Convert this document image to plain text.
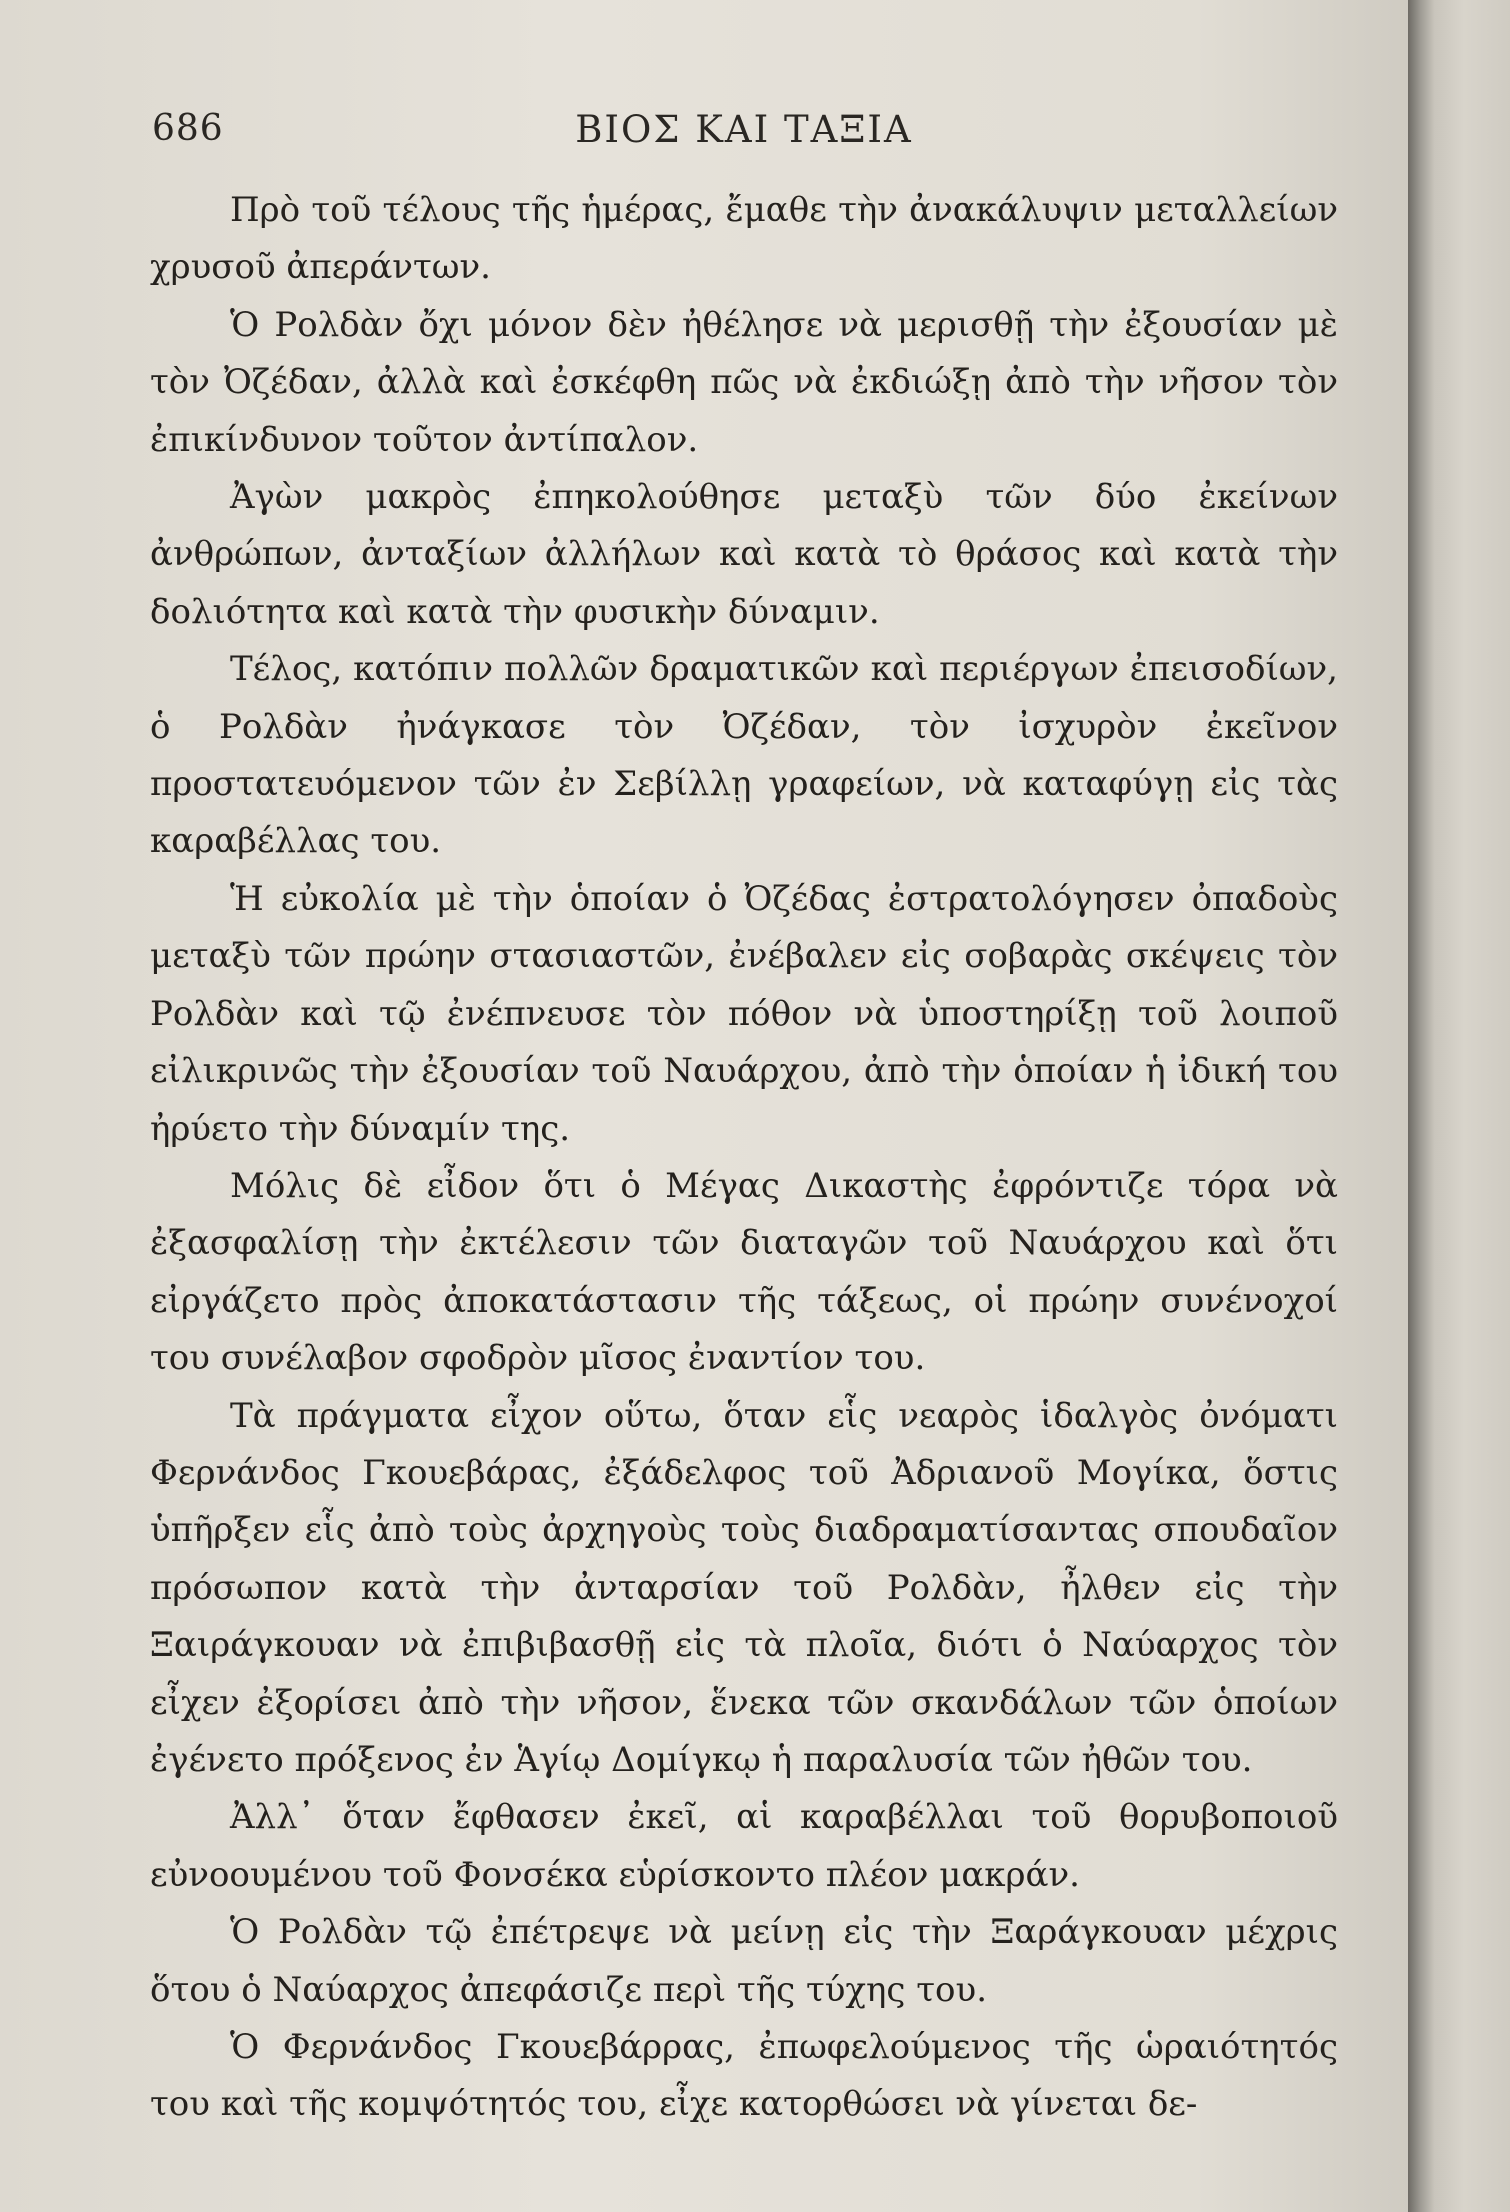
686	ΒΙΟΣ ΚΑΙ ΤΑΞΙΑ

Πρὸ τοῦ τέλους τῆς ἡμέρας, ἔμαθε τὴν ἀνακάλυψιν μεταλλείων χρυσοῦ ἀπεράντων.

Ὁ Ρολδὰν ὄχι μόνον δὲν ἠθέλησε νὰ μερισθῇ τὴν ἐξουσίαν μὲ τὸν Ὀζέδαν, ἀλλὰ καὶ ἐσκέφθη πῶς νὰ ἐκδιώξῃ ἀπὸ τὴν νῆσον τὸν ἐπικίνδυνον τοῦτον ἀντίπαλον.

Ἀγὼν μακρὸς ἐπηκολούθησε μεταξὺ τῶν δύο ἐκείνων ἀνθρώπων, ἀνταξίων ἀλλήλων καὶ κατὰ τὸ θράσος καὶ κατὰ τὴν δολιότητα καὶ κατὰ τὴν φυσικὴν δύναμιν.

Τέλος, κατόπιν πολλῶν δραματικῶν καὶ περιέργων ἐπεισοδίων, ὁ Ρολδὰν ἠνάγκασε τὸν Ὀζέδαν, τὸν ἰσχυρὸν ἐκεῖνον προστατευόμενον τῶν ἐν Σεβίλλῃ γραφείων, νὰ καταφύγῃ εἰς τὰς καραβέλλας του.

Ἡ εὐκολία μὲ τὴν ὁποίαν ὁ Ὀζέδας ἐστρατολόγησεν ὀπαδοὺς μεταξὺ τῶν πρώην στασιαστῶν, ἐνέβαλεν εἰς σοβαρὰς σκέψεις τὸν Ρολδὰν καὶ τῷ ἐνέπνευσε τὸν πόθον νὰ ὑποστηρίξῃ τοῦ λοιποῦ εἰλικρινῶς τὴν ἐξουσίαν τοῦ Ναυάρχου, ἀπὸ τὴν ὁποίαν ἡ ἰδική του ἠρύετο τὴν δύναμίν της.

Μόλις δὲ εἶδον ὅτι ὁ Μέγας Δικαστὴς ἐφρόντιζε τόρα νὰ ἐξασφαλίσῃ τὴν ἐκτέλεσιν τῶν διαταγῶν τοῦ Ναυάρχου καὶ ὅτι εἰργάζετο πρὸς ἀποκατάστασιν τῆς τάξεως, οἱ πρώην συνένοχοί του συνέλαβον σφοδρὸν μῖσος ἐναντίον του.

Τὰ πράγματα εἶχον οὕτω, ὅταν εἷς νεαρὸς ἱδαλγὸς ὀνόματι Φερνάνδος Γκουεβάρας, ἐξάδελφος τοῦ Ἀδριανοῦ Μογίκα, ὅστις ὑπῆρξεν εἷς ἀπὸ τοὺς ἀρχηγοὺς τοὺς διαδραματίσαντας σπουδαῖον πρόσωπον κατὰ τὴν ἀνταρσίαν τοῦ Ρολδὰν, ἦλθεν εἰς τὴν Ξαιράγκουαν νὰ ἐπιβιβασθῇ εἰς τὰ πλοῖα, διότι ὁ Ναύαρχος τὸν εἶχεν ἐξορίσει ἀπὸ τὴν νῆσον, ἕνεκα τῶν σκανδάλων τῶν ὁποίων ἐγένετο πρόξενος ἐν Ἁγίῳ Δομίγκῳ ἡ παραλυσία τῶν ἠθῶν του.

Ἀλλ᾿ ὅταν ἔφθασεν ἐκεῖ, αἱ καραβέλλαι τοῦ θορυβοποιοῦ εὐνοουμένου τοῦ Φονσέκα εὑρίσκοντο πλέον μακράν.

Ὁ Ρολδὰν τῷ ἐπέτρεψε νὰ μείνῃ εἰς τὴν Ξαράγκουαν μέχρις ὅτου ὁ Ναύαρχος ἀπεφάσιζε περὶ τῆς τύχης του.

Ὁ Φερνάνδος Γκουεβάρρας, ἐπωφελούμενος τῆς ὡραιότητός του καὶ τῆς κομψότητός του, εἶχε κατορθώσει νὰ γίνεται δε-
